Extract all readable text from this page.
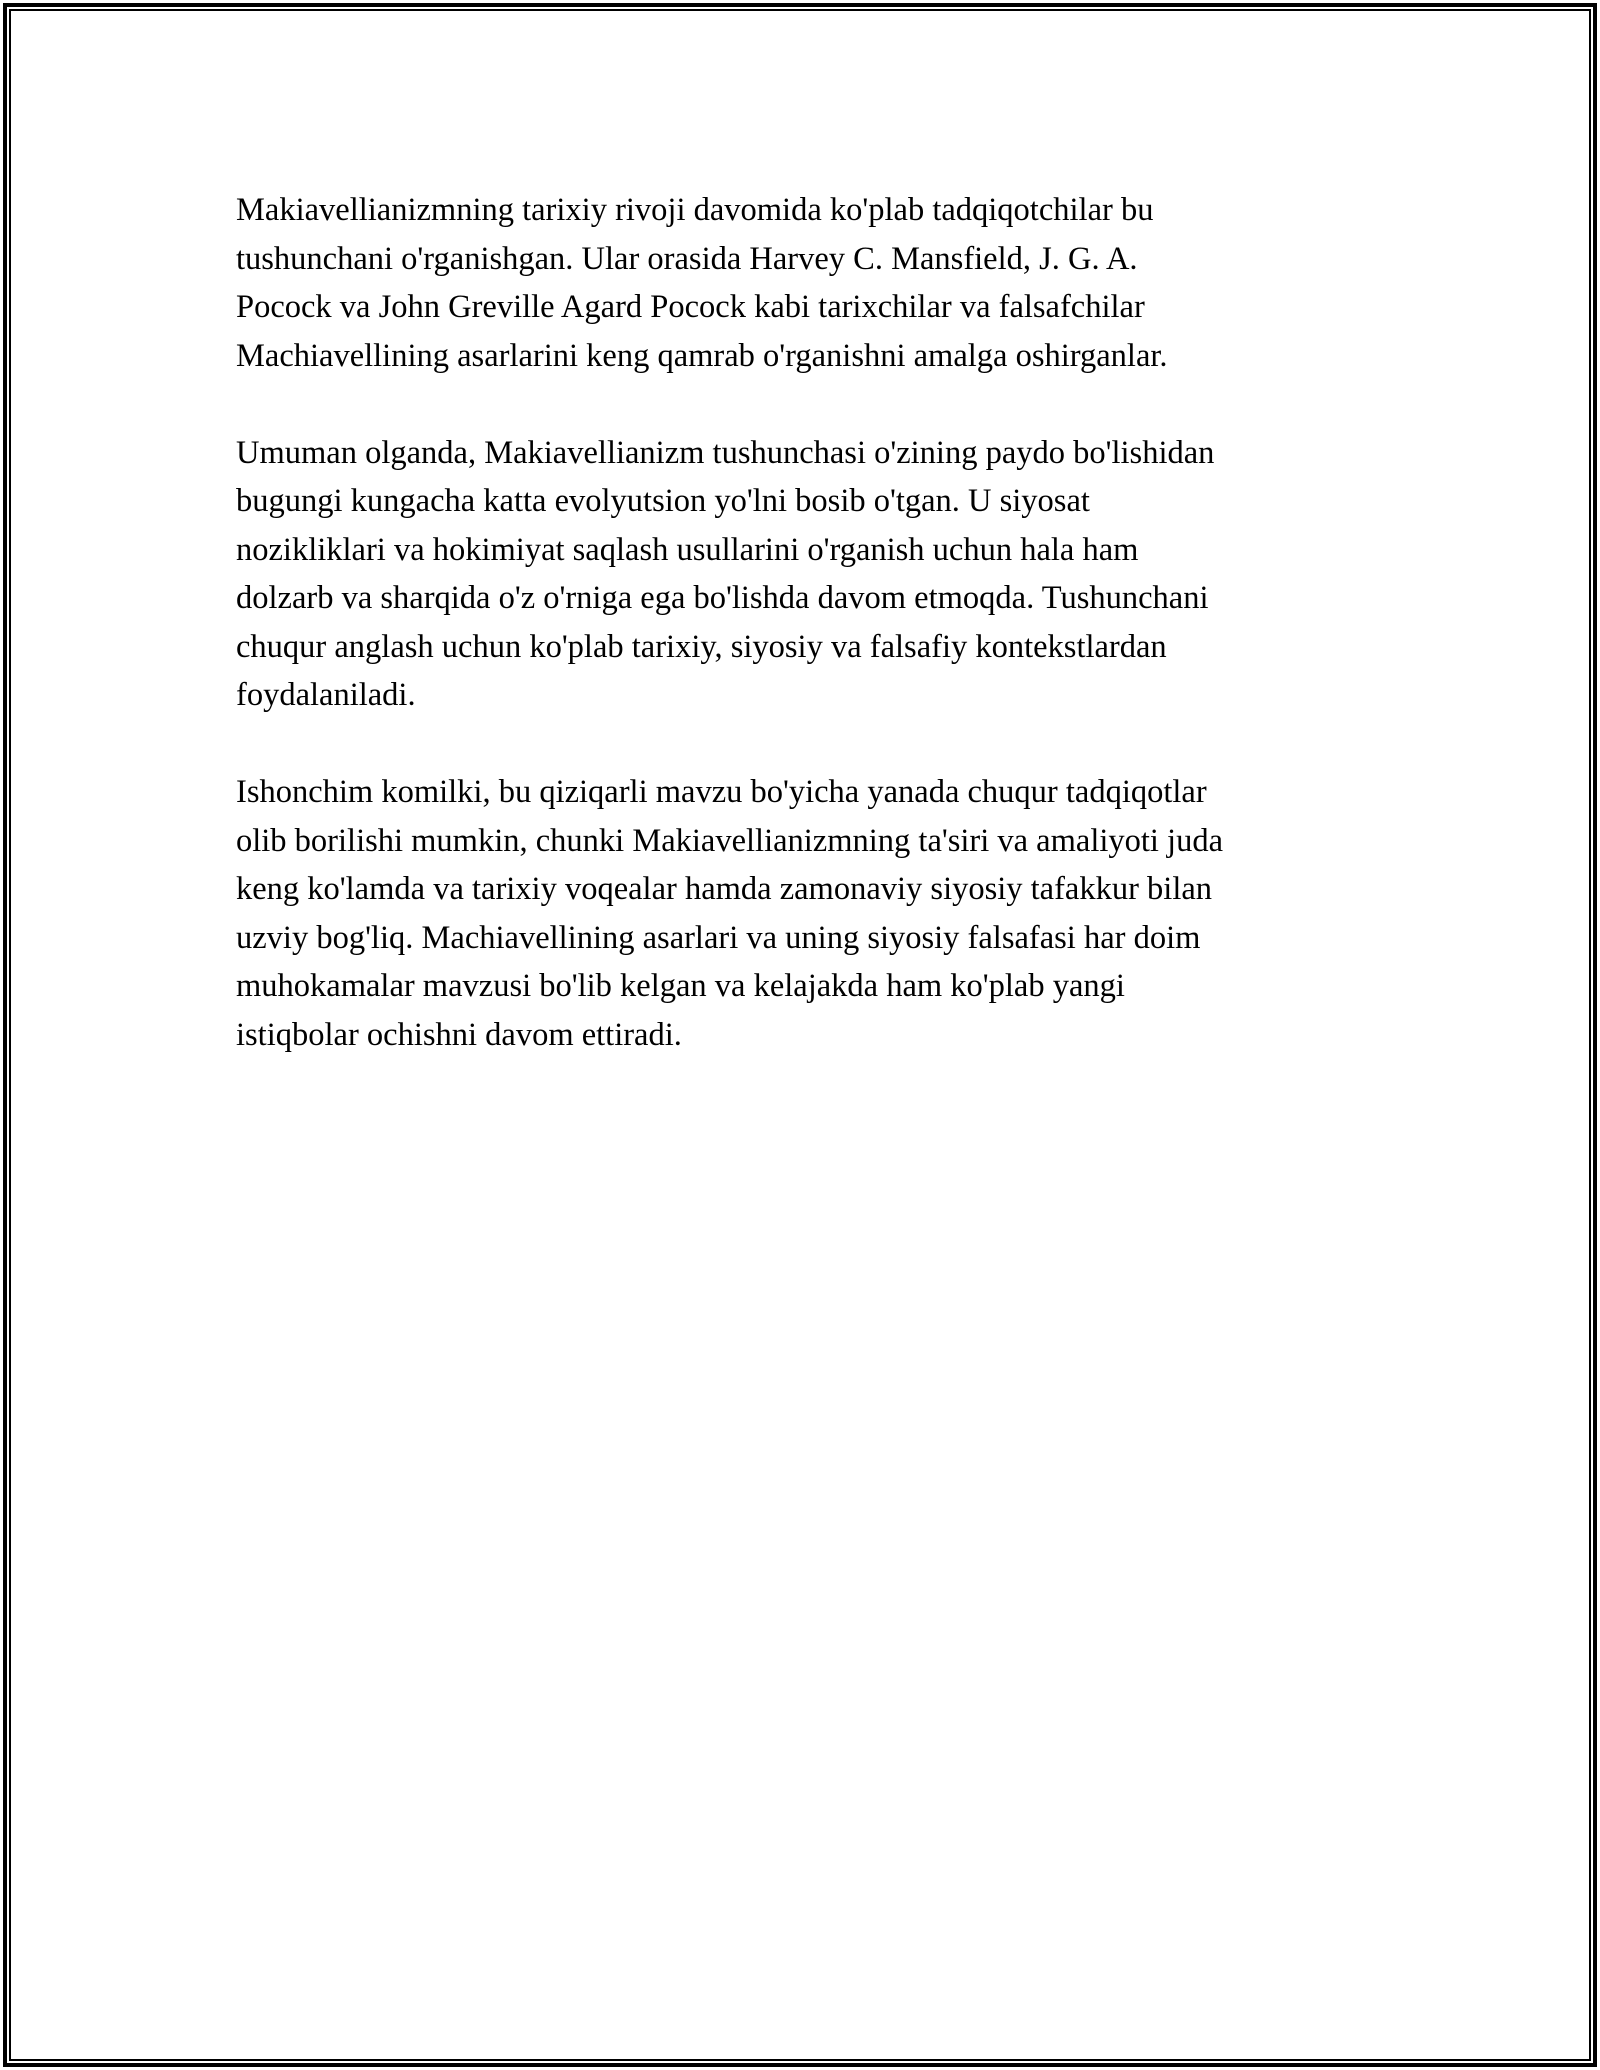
Makiavellianizmning tarixiy rivoji davomida ko'plab tadqiqotchilar bu
tushunchani o'rganishgan. Ular orasida Harvey C. Mansfield, J. G. A.
Pocock va John Greville Agard Pocock kabi tarixchilar va falsafchilar
Machiavellining asarlarini keng qamrab o'rganishni amalga oshirganlar.

Umuman olganda, Makiavellianizm tushunchasi o'zining paydo bo'lishidan
bugungi kungacha katta evolyutsion yo'lni bosib o'tgan. U siyosat
nozikliklari va hokimiyat saqlash usullarini o'rganish uchun hala ham
dolzarb va sharqida o'z o'rniga ega bo'lishda davom etmoqda. Tushunchani
chuqur anglash uchun ko'plab tarixiy, siyosiy va falsafiy kontekstlardan
foydalaniladi.

Ishonchim komilki, bu qiziqarli mavzu bo'yicha yanada chuqur tadqiqotlar
olib borilishi mumkin, chunki Makiavellianizmning ta'siri va amaliyoti juda
keng ko'lamda va tarixiy voqealar hamda zamonaviy siyosiy tafakkur bilan
uzviy bog'liq. Machiavellining asarlari va uning siyosiy falsafasi har doim
muhokamalar mavzusi bo'lib kelgan va kelajakda ham ko'plab yangi
istiqbolar ochishni davom ettiradi.
